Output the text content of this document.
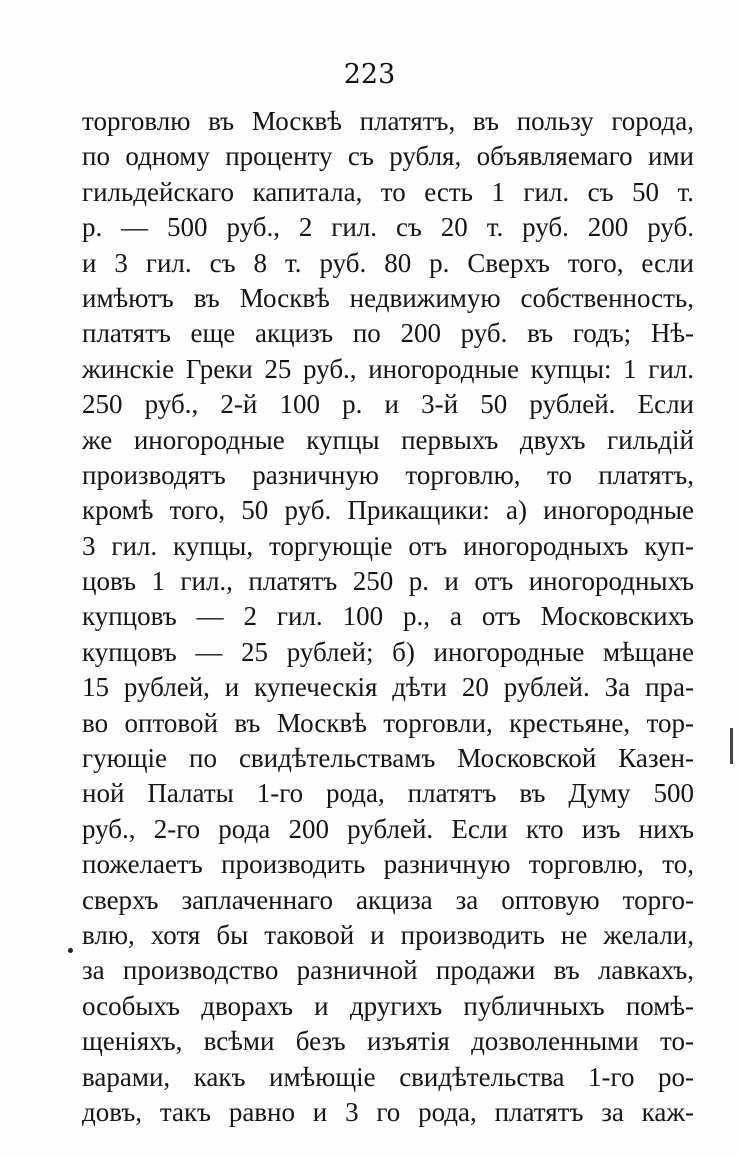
223
торговлю въ Москвѣ платятъ, въ пользу города,
по одному проценту съ рубля, объявляемаго ими
гильдейскаго капитала, то есть 1 гил. съ 50 т.
р. — 500 руб., 2 гил. съ 20 т. руб. 200 руб.
и 3 гил. съ 8 т. руб. 80 р. Сверхъ того, если
имѣютъ въ Москвѣ недвижимую собственность,
платятъ еще акцизъ по 200 руб. въ годъ; Нѣ-
жинскіе Греки 25 руб., иногородные купцы: 1 гил.
250 руб., 2-й 100 р. и 3-й 50 рублей. Если
же иногородные купцы первыхъ двухъ гильдій
производятъ разничную торговлю, то платятъ,
кромѣ того, 50 руб. Прикащики: а) иногородные
3 гил. купцы, торгующіе отъ иногородныхъ куп-
цовъ 1 гил., платятъ 250 р. и отъ иногородныхъ
купцовъ — 2 гил. 100 р., а отъ Московскихъ
купцовъ — 25 рублей; б) иногородные мѣщане
15 рублей, и купеческія дѣти 20 рублей. За пра-
во оптовой въ Москвѣ торговли, крестьяне, тор-
гующіе по свидѣтельствамъ Московской Казен-
ной Палаты 1-го рода, платятъ въ Думу 500
руб., 2-го рода 200 рублей. Если кто изъ нихъ
пожелаетъ производить разничную торговлю, то,
сверхъ заплаченнаго акциза за оптовую торго-
влю, хотя бы таковой и производить не желали,
за производство разничной продажи въ лавкахъ,
особыхъ дворахъ и другихъ публичныхъ помѣ-
щеніяхъ, всѣми безъ изъятія дозволенными то-
варами, какъ имѣющіе свидѣтельства 1-го ро-
довъ, такъ равно и 3 го рода, платятъ за каж-
